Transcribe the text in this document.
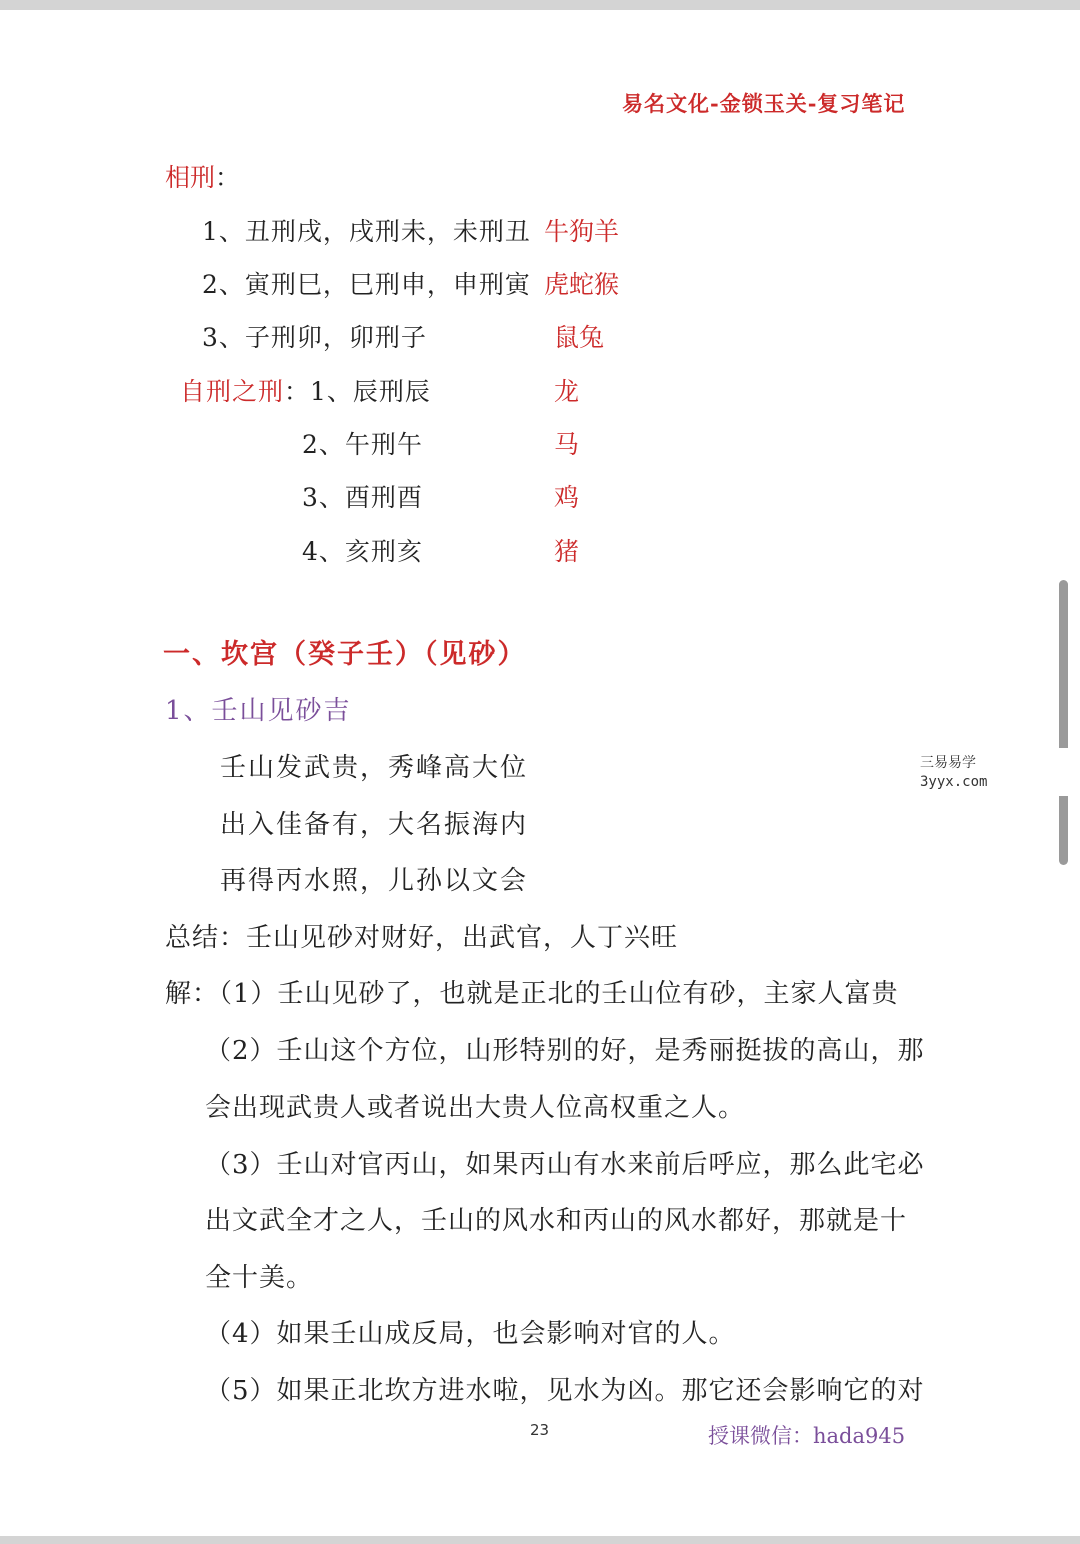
易名文化-金锁玉关-复习笔记
相刑：
1、丑刑戌，戌刑未，未刑丑 牛狗羊
2、寅刑巳，巳刑申，申刑寅 虎蛇猴
3、子刑卯，卯刑子	鼠兔
自刑之刑：1、辰刑辰	龙
2、午刑午	马
3、酉刑酉	鸡
4、亥刑亥	猪
一、坎宫（癸子壬）（见砂）
1、壬山见砂吉
壬山发武贵，秀峰高大位
出入佳备有，大名振海内
再得丙水照，儿孙以文会
总结：壬山见砂对财好，出武官，人丁兴旺
解：（1）壬山见砂了，也就是正北的壬山位有砂，主家人富贵
（2）壬山这个方位，山形特别的好，是秀丽挺拔的高山，那
会出现武贵人或者说出大贵人位高权重之人。
（3）壬山对官丙山，如果丙山有水来前后呼应，那么此宅必
出文武全才之人，壬山的风水和丙山的风水都好，那就是十
全十美。
（4）如果壬山成反局，也会影响对官的人。
（5）如果正北坎方进水啦，见水为凶。那它还会影响它的对
三易易学
3yyx.com
23	授课微信：hada945
